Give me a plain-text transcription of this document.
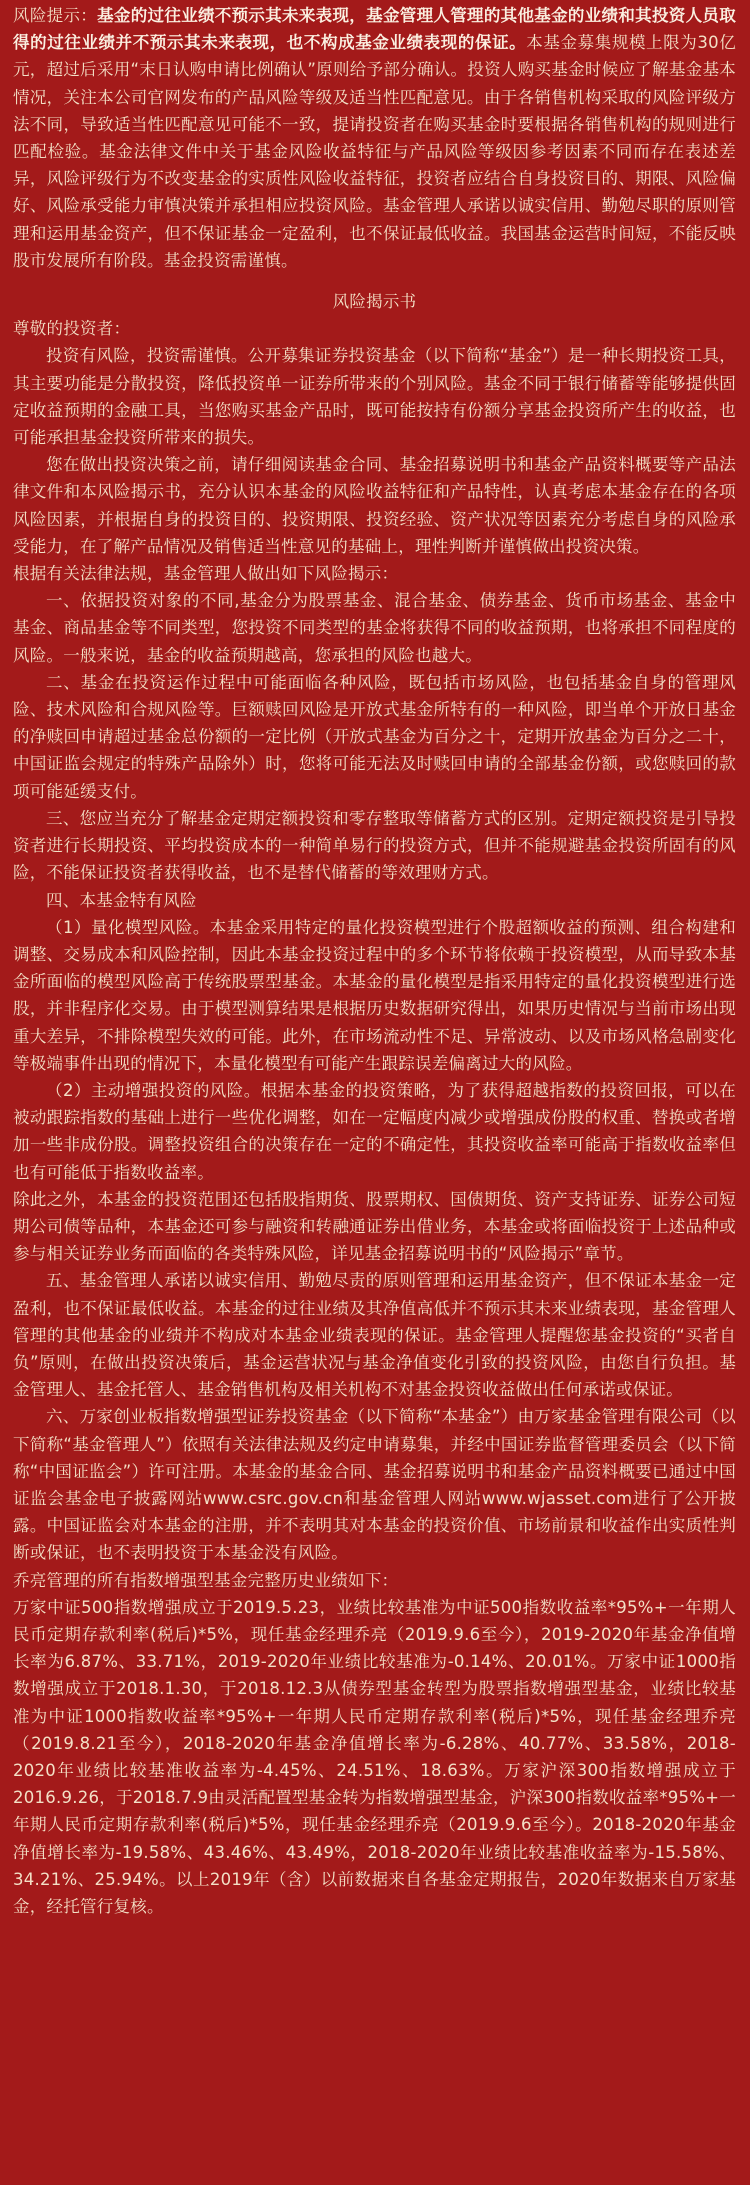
风险提示：基金的过往业绩不预示其未来表现，基金管理人管理的其他基金的业绩和其投资人员取得的过往业绩并不预示其未来表现，也不构成基金业绩表现的保证。本基金募集规模上限为30亿元，超过后采用“末日认购申请比例确认”原则给予部分确认。投资人购买基金时候应了解基金基本情况，关注本公司官网发布的产品风险等级及适当性匹配意见。由于各销售机构采取的风险评级方法不同，导致适当性匹配意见可能不一致，提请投资者在购买基金时要根据各销售机构的规则进行匹配检验。基金法律文件中关于基金风险收益特征与产品风险等级因参考因素不同而存在表述差异，风险评级行为不改变基金的实质性风险收益特征，投资者应结合自身投资目的、期限、风险偏好、风险承受能力审慎决策并承担相应投资风险。基金管理人承诺以诚实信用、勤勉尽职的原则管理和运用基金资产，但不保证基金一定盈利，也不保证最低收益。我国基金运营时间短，不能反映股市发展所有阶段。基金投资需谨慎。

风险揭示书

尊敬的投资者：

投资有风险，投资需谨慎。公开募集证券投资基金（以下简称“基金”）是一种长期投资工具，其主要功能是分散投资，降低投资单一证券所带来的个别风险。基金不同于银行储蓄等能够提供固定收益预期的金融工具，当您购买基金产品时，既可能按持有份额分享基金投资所产生的收益，也可能承担基金投资所带来的损失。

您在做出投资决策之前，请仔细阅读基金合同、基金招募说明书和基金产品资料概要等产品法律文件和本风险揭示书，充分认识本基金的风险收益特征和产品特性，认真考虑本基金存在的各项风险因素，并根据自身的投资目的、投资期限、投资经验、资产状况等因素充分考虑自身的风险承受能力，在了解产品情况及销售适当性意见的基础上，理性判断并谨慎做出投资决策。

根据有关法律法规，基金管理人做出如下风险揭示：

一、依据投资对象的不同,基金分为股票基金、混合基金、债券基金、货币市场基金、基金中基金、商品基金等不同类型，您投资不同类型的基金将获得不同的收益预期，也将承担不同程度的风险。一般来说，基金的收益预期越高，您承担的风险也越大。

二、基金在投资运作过程中可能面临各种风险，既包括市场风险，也包括基金自身的管理风险、技术风险和合规风险等。巨额赎回风险是开放式基金所特有的一种风险，即当单个开放日基金的净赎回申请超过基金总份额的一定比例（开放式基金为百分之十，定期开放基金为百分之二十，中国证监会规定的特殊产品除外）时，您将可能无法及时赎回申请的全部基金份额，或您赎回的款项可能延缓支付。

三、您应当充分了解基金定期定额投资和零存整取等储蓄方式的区别。定期定额投资是引导投资者进行长期投资、平均投资成本的一种简单易行的投资方式，但并不能规避基金投资所固有的风险，不能保证投资者获得收益，也不是替代储蓄的等效理财方式。

四、本基金特有风险

（1）量化模型风险。本基金采用特定的量化投资模型进行个股超额收益的预测、组合构建和调整、交易成本和风险控制，因此本基金投资过程中的多个环节将依赖于投资模型，从而导致本基金所面临的模型风险高于传统股票型基金。本基金的量化模型是指采用特定的量化投资模型进行选股，并非程序化交易。由于模型测算结果是根据历史数据研究得出，如果历史情况与当前市场出现重大差异，不排除模型失效的可能。此外，在市场流动性不足、异常波动、以及市场风格急剧变化等极端事件出现的情况下，本量化模型有可能产生跟踪误差偏离过大的风险。

（2）主动增强投资的风险。根据本基金的投资策略，为了获得超越指数的投资回报，可以在被动跟踪指数的基础上进行一些优化调整，如在一定幅度内减少或增强成份股的权重、替换或者增加一些非成份股。调整投资组合的决策存在一定的不确定性，其投资收益率可能高于指数收益率但也有可能低于指数收益率。

除此之外，本基金的投资范围还包括股指期货、股票期权、国债期货、资产支持证券、证券公司短期公司债等品种，本基金还可参与融资和转融通证券出借业务，本基金或将面临投资于上述品种或参与相关证券业务而面临的各类特殊风险，详见基金招募说明书的“风险揭示”章节。

五、基金管理人承诺以诚实信用、勤勉尽责的原则管理和运用基金资产，但不保证本基金一定盈利，也不保证最低收益。本基金的过往业绩及其净值高低并不预示其未来业绩表现，基金管理人管理的其他基金的业绩并不构成对本基金业绩表现的保证。基金管理人提醒您基金投资的“买者自负”原则，在做出投资决策后，基金运营状况与基金净值变化引致的投资风险，由您自行负担。基金管理人、基金托管人、基金销售机构及相关机构不对基金投资收益做出任何承诺或保证。

六、万家创业板指数增强型证券投资基金（以下简称“本基金”）由万家基金管理有限公司（以下简称“基金管理人”）依照有关法律法规及约定申请募集，并经中国证券监督管理委员会（以下简称“中国证监会”）许可注册。本基金的基金合同、基金招募说明书和基金产品资料概要已通过中国证监会基金电子披露网站www.csrc.gov.cn和基金管理人网站www.wjasset.com进行了公开披露。中国证监会对本基金的注册，并不表明其对本基金的投资价值、市场前景和收益作出实质性判断或保证，也不表明投资于本基金没有风险。

乔亮管理的所有指数增强型基金完整历史业绩如下：

万家中证500指数增强成立于2019.5.23，业绩比较基准为中证500指数收益率*95%+一年期人民币定期存款利率(税后)*5%，现任基金经理乔亮（2019.9.6至今），2019-2020年基金净值增长率为6.87%、33.71%，2019-2020年业绩比较基准为-0.14%、20.01%。万家中证1000指数增强成立于2018.1.30，于2018.12.3从债券型基金转型为股票指数增强型基金，业绩比较基准为中证1000指数收益率*95%+一年期人民币定期存款利率(税后)*5%，现任基金经理乔亮（2019.8.21至今），2018-2020年基金净值增长率为-6.28%、40.77%、33.58%，2018-2020年业绩比较基准收益率为-4.45%、24.51%、18.63%。万家沪深300指数增强成立于2016.9.26，于2018.7.9由灵活配置型基金转为指数增强型基金，沪深300指数收益率*95%+一年期人民币定期存款利率(税后)*5%，现任基金经理乔亮（2019.9.6至今）。2018-2020年基金净值增长率为-19.58%、43.46%、43.49%，2018-2020年业绩比较基准收益率为-15.58%、34.21%、25.94%。以上2019年（含）以前数据来自各基金定期报告，2020年数据来自万家基金，经托管行复核。
